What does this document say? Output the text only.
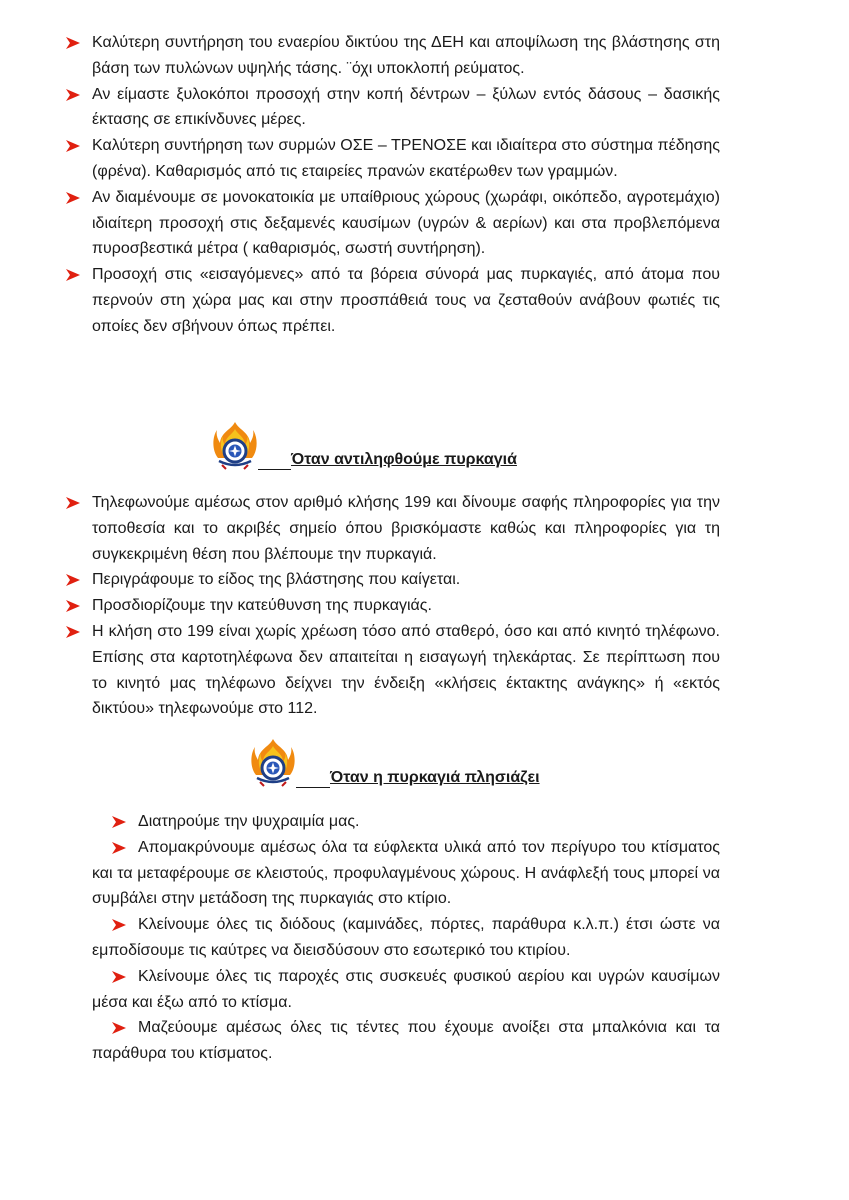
Καλύτερη συντήρηση του εναερίου δικτύου της ΔΕΗ και αποψίλωση της βλάστησης στη βάση των πυλώνων υψηλής τάσης. ¨όχι υποκλοπή ρεύματος.
Αν είμαστε ξυλοκόποι προσοχή στην κοπή δέντρων – ξύλων εντός δάσους – δασικής έκτασης σε επικίνδυνες μέρες.
Καλύτερη συντήρηση των συρμών ΟΣΕ – ΤΡΕΝΟΣΕ και ιδιαίτερα στο σύστημα πέδησης (φρένα). Καθαρισμός από τις εταιρείες πρανών εκατέρωθεν των γραμμών.
Αν διαμένουμε σε μονοκατοικία με υπαίθριους χώρους (χωράφι, οικόπεδο, αγροτεμάχιο) ιδιαίτερη προσοχή στις δεξαμενές καυσίμων (υγρών & αερίων) και στα προβλεπόμενα πυροσβεστικά μέτρα ( καθαρισμός, σωστή συντήρηση).
Προσοχή στις «εισαγόμενες» από τα βόρεια σύνορά μας πυρκαγιές, από άτομα που περνούν στη χώρα μας και στην προσπάθειά τους να ζεσταθούν ανάβουν φωτιές τις οποίες δεν σβήνουν όπως πρέπει.
Όταν αντιληφθούμε πυρκαγιά
Τηλεφωνούμε αμέσως στον αριθμό κλήσης 199 και δίνουμε σαφής πληροφορίες για την τοποθεσία και το ακριβές σημείο όπου βρισκόμαστε καθώς και πληροφορίες για τη συγκεκριμένη θέση που βλέπουμε την πυρκαγιά.
Περιγράφουμε το είδος της βλάστησης που καίγεται.
Προσδιορίζουμε την κατεύθυνση της πυρκαγιάς.
Η κλήση στο 199 είναι χωρίς χρέωση τόσο από σταθερό, όσο και από κινητό τηλέφωνο. Επίσης στα καρτοτηλέφωνα δεν απαιτείται η εισαγωγή τηλεκάρτας. Σε περίπτωση που το κινητό μας τηλέφωνο δείχνει την ένδειξη «κλήσεις έκτακτης ανάγκης» ή «εκτός δικτύου» τηλεφωνούμε στο 112.
Όταν η πυρκαγιά πλησιάζει
Διατηρούμε την ψυχραιμία μας.
Απομακρύνουμε αμέσως όλα τα εύφλεκτα υλικά από τον περίγυρο του κτίσματος και τα μεταφέρουμε σε κλειστούς, προφυλαγμένους χώρους. Η ανάφλεξή τους μπορεί να συμβάλει στην μετάδοση της πυρκαγιάς στο κτίριο.
Κλείνουμε όλες τις διόδους (καμινάδες, πόρτες, παράθυρα κ.λ.π.) έτσι ώστε να εμποδίσουμε τις καύτρες να διεισδύσουν στο εσωτερικό του κτιρίου.
Κλείνουμε όλες τις παροχές στις συσκευές φυσικού αερίου και υγρών καυσίμων μέσα και έξω από το κτίσμα.
Μαζεύουμε αμέσως όλες τις τέντες που έχουμε ανοίξει στα μπαλκόνια και τα παράθυρα του κτίσματος.
